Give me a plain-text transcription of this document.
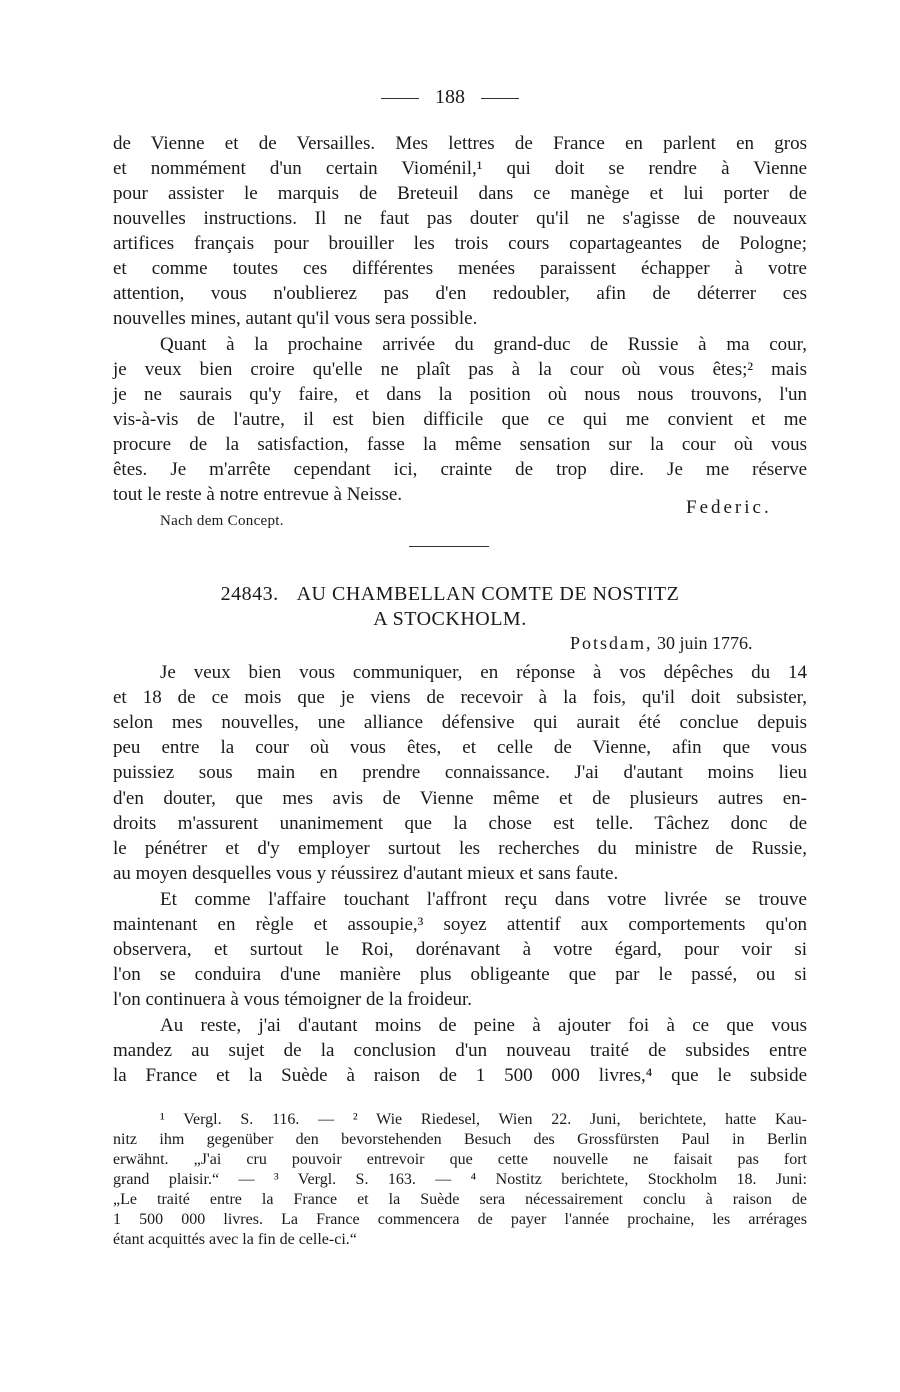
188
de Vienne et de Versailles. Mes lettres de France en parlent en gros
et nommément d'un certain Vioménil,¹ qui doit se rendre à Vienne
pour assister le marquis de Breteuil dans ce manège et lui porter de
nouvelles instructions. Il ne faut pas douter qu'il ne s'agisse de nouveaux
artifices français pour brouiller les trois cours copartageantes de Pologne;
et comme toutes ces différentes menées paraissent échapper à votre
attention, vous n'oublierez pas d'en redoubler, afin de déterrer ces
nouvelles mines, autant qu'il vous sera possible.
Quant à la prochaine arrivée du grand-duc de Russie à ma cour,
je veux bien croire qu'elle ne plaît pas à la cour où vous êtes;² mais
je ne saurais qu'y faire, et dans la position où nous nous trouvons, l'un
vis-à-vis de l'autre, il est bien difficile que ce qui me convient et me
procure de la satisfaction, fasse la même sensation sur la cour où vous
êtes. Je m'arrête cependant ici, crainte de trop dire. Je me réserve
tout le reste à notre entrevue à Neisse.
Federic.
Nach dem Concept.
24843. AU CHAMBELLAN COMTE DE NOSTITZ
A STOCKHOLM.
Potsdam, 30 juin 1776.
Je veux bien vous communiquer, en réponse à vos dépêches du 14
et 18 de ce mois que je viens de recevoir à la fois, qu'il doit subsister,
selon mes nouvelles, une alliance défensive qui aurait été conclue depuis
peu entre la cour où vous êtes, et celle de Vienne, afin que vous
puissiez sous main en prendre connaissance. J'ai d'autant moins lieu
d'en douter, que mes avis de Vienne même et de plusieurs autres en-
droits m'assurent unanimement que la chose est telle. Tâchez donc de
le pénétrer et d'y employer surtout les recherches du ministre de Russie,
au moyen desquelles vous y réussirez d'autant mieux et sans faute.
Et comme l'affaire touchant l'affront reçu dans votre livrée se trouve
maintenant en règle et assoupie,³ soyez attentif aux comportements qu'on
observera, et surtout le Roi, dorénavant à votre égard, pour voir si
l'on se conduira d'une manière plus obligeante que par le passé, ou si
l'on continuera à vous témoigner de la froideur.
Au reste, j'ai d'autant moins de peine à ajouter foi à ce que vous
mandez au sujet de la conclusion d'un nouveau traité de subsides entre
la France et la Suède à raison de 1 500 000 livres,⁴ que le subside
¹ Vergl. S. 116. — ² Wie Riedesel, Wien 22. Juni, berichtete, hatte Kau-
nitz ihm gegenüber den bevorstehenden Besuch des Grossfürsten Paul in Berlin
erwähnt. „J'ai cru pouvoir entrevoir que cette nouvelle ne faisait pas fort
grand plaisir.“ — ³ Vergl. S. 163. — ⁴ Nostitz berichtete, Stockholm 18. Juni:
„Le traité entre la France et la Suède sera nécessairement conclu à raison de
1 500 000 livres. La France commencera de payer l'année prochaine, les arrérages
étant acquittés avec la fin de celle-ci.“
